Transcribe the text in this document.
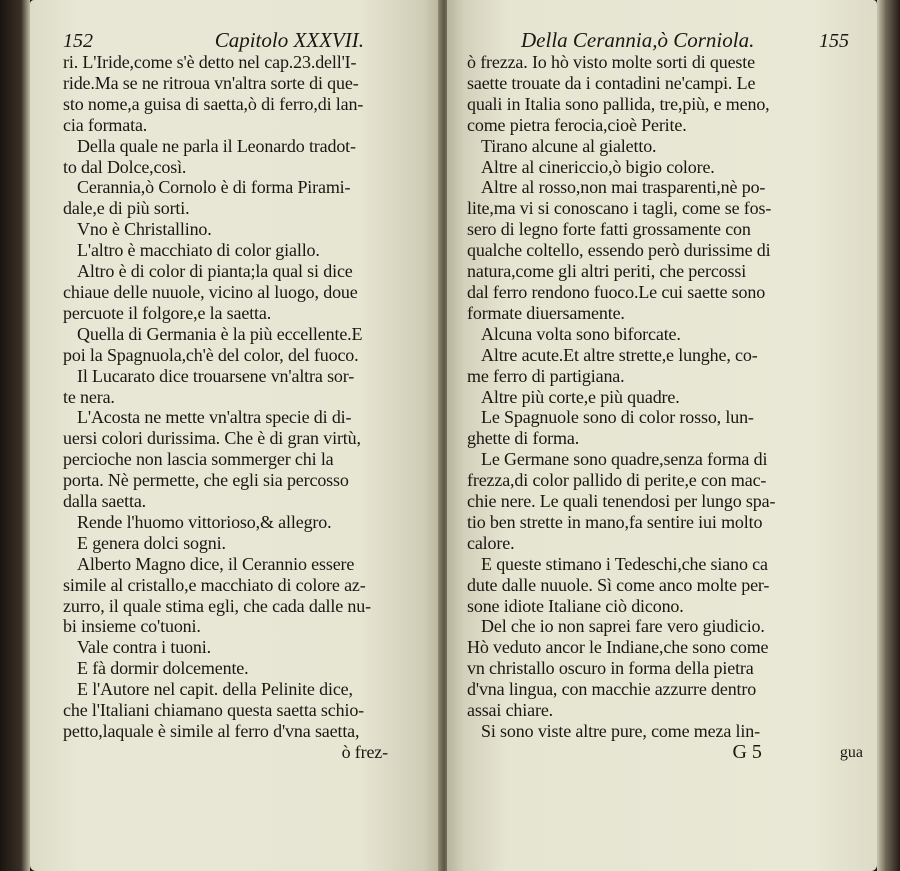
152	Capitolo XXXVII.
ri. L'Iride,come s'è detto nel cap.23.dell'I-
ride.Ma se ne ritroua vn'altra sorte di que-
sto nome,a guisa di saetta,ò di ferro,di lan-
cia formata.
Della quale ne parla il Leonardo tradot-
to dal Dolce,così.
Cerannia,ò Cornolo è di forma Pirami-
dale,e di più sorti.
Vno è Christallino.
L'altro è macchiato di color giallo.
Altro è di color di pianta;la qual si dice
chiaue delle nuuole, vicino al luogo, doue
percuote il folgore,e la saetta.
Quella di Germania è la più eccellente.E
poi la Spagnuola,ch'è del color, del fuoco.
Il Lucarato dice trouarsene vn'altra sor-
te nera.
L'Acosta ne mette vn'altra specie di di-
uersi colori durissima. Che è di gran virtù,
percioche non lascia sommerger chi la
porta. Nè permette, che egli sia percosso
dalla saetta.
Rende l'huomo vittorioso,& allegro.
E genera dolci sogni.
Alberto Magno dice, il Cerannio essere
simile al cristallo,e macchiato di colore az-
zurro, il quale stima egli, che cada dalle nu-
bi insieme co'tuoni.
Vale contra i tuoni.
E fà dormir dolcemente.
E l'Autore nel capit. della Pelinite dice,
che l'Italiani chiamano questa saetta schio-
petto,laquale è simile al ferro d'vna saetta,
ò frez-
Della Cerannia,ò Corniola.	155
ò frezza. Io hò visto molte sorti di queste
saette trouate da i contadini ne'campi. Le
quali in Italia sono pallida, tre,più, e meno,
come pietra ferocia,cioè Perite.
Tirano alcune al gialetto.
Altre al cinericcio,ò bigio colore.
Altre al rosso,non mai trasparenti,nè po-
lite,ma vi si conoscano i tagli, come se fos-
sero di legno forte fatti grossamente con
qualche coltello, essendo però durissime di
natura,come gli altri periti, che percossi
dal ferro rendono fuoco.Le cui saette sono
formate diuersamente.
Alcuna volta sono biforcate.
Altre acute.Et altre strette,e lunghe, co-
me ferro di partigiana.
Altre più corte,e più quadre.
Le Spagnuole sono di color rosso, lun-
ghette di forma.
Le Germane sono quadre,senza forma di
frezza,di color pallido di perite,e con mac-
chie nere. Le quali tenendosi per lungo spa-
tio ben strette in mano,fa sentire iui molto
calore.
E queste stimano i Tedeschi,che siano ca
dute dalle nuuole. Sì come anco molte per-
sone idiote Italiane ciò dicono.
Del che io non saprei fare vero giudicio.
Hò veduto ancor le Indiane,che sono come
vn christallo oscuro in forma della pietra
d'vna lingua, con macchie azzurre dentro
assai chiare.
Si sono viste altre pure, come meza lin-
G 5	gua
